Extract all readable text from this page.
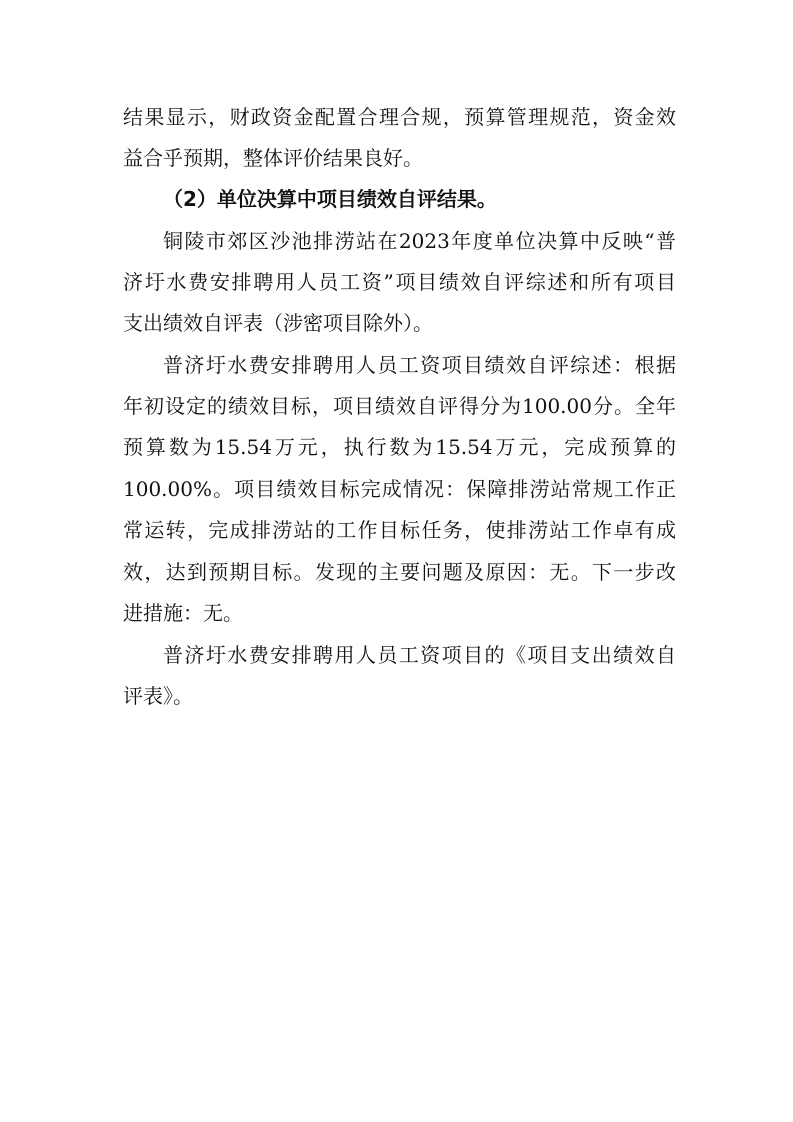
结果显示，财政资金配置合理合规，预算管理规范，资金效
益合乎预期，整体评价结果良好。
（2）单位决算中项目绩效自评结果。
铜陵市郊区沙池排涝站在2023年度单位决算中反映“普
济圩水费安排聘用人员工资”项目绩效自评综述和所有项目
支出绩效自评表（涉密项目除外）。
普济圩水费安排聘用人员工资项目绩效自评综述：根据
年初设定的绩效目标，项目绩效自评得分为100.00分。全年
预算数为15.54万元，执行数为15.54万元，完成预算的
100.00%。项目绩效目标完成情况：保障排涝站常规工作正
常运转，完成排涝站的工作目标任务，使排涝站工作卓有成
效，达到预期目标。发现的主要问题及原因：无。下一步改
进措施：无。
普济圩水费安排聘用人员工资项目的《项目支出绩效自
评表》。
